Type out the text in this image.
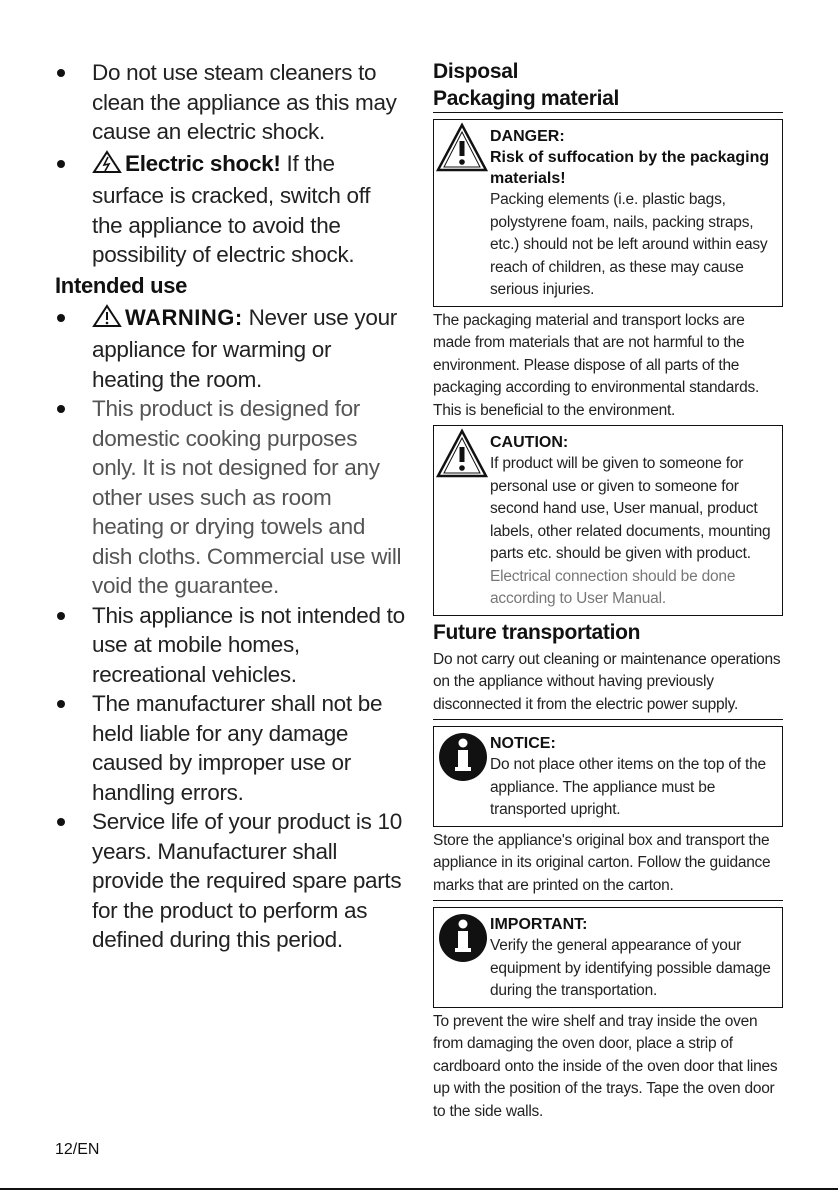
Do not use steam cleaners to clean the appliance as this may cause an electric shock.
Electric shock! If the surface is cracked, switch off the appliance to avoid the possibility of electric shock.
Intended use
WARNING: Never use your appliance for warming or heating the room.
This product is designed for domestic cooking purposes only. It is not designed for any other uses such as room heating or drying towels and dish cloths. Commercial use will void the guarantee.
This appliance is not intended to use at mobile homes, recreational vehicles.
The manufacturer shall not be held liable for any damage caused by improper use or handling errors.
Service life of your product is 10 years. Manufacturer shall provide the required spare parts for the product to perform as defined during this period.
Disposal
Packaging material
DANGER:
Risk of suffocation by the packaging materials!
Packing elements (i.e. plastic bags, polystyrene foam, nails, packing straps, etc.) should not be left around within easy reach of children, as these may cause serious injuries.
The packaging material and transport locks are made from materials that are not harmful to the environment. Please dispose of all parts of the packaging according to environmental standards. This is beneficial to the environment.
CAUTION:
If product will be given to someone for personal use or given to someone for second hand use, User manual, product labels, other related documents, mounting parts etc. should be given with product.
Electrical connection should be done according to User Manual.
Future transportation
Do not carry out cleaning or maintenance operations on the appliance without having previously disconnected it from the electric power supply.
NOTICE:
Do not place other items on the top of the appliance. The appliance must be transported upright.
Store the appliance's original box and transport the appliance in its original carton. Follow the guidance marks that are printed on the carton.
IMPORTANT:
Verify the general appearance of your equipment by identifying possible damage during the transportation.
To prevent the wire shelf and tray inside the oven from damaging the oven door, place a strip of cardboard onto the inside of the oven door that lines up with the position of the trays. Tape the oven door to the side walls.
12/EN
